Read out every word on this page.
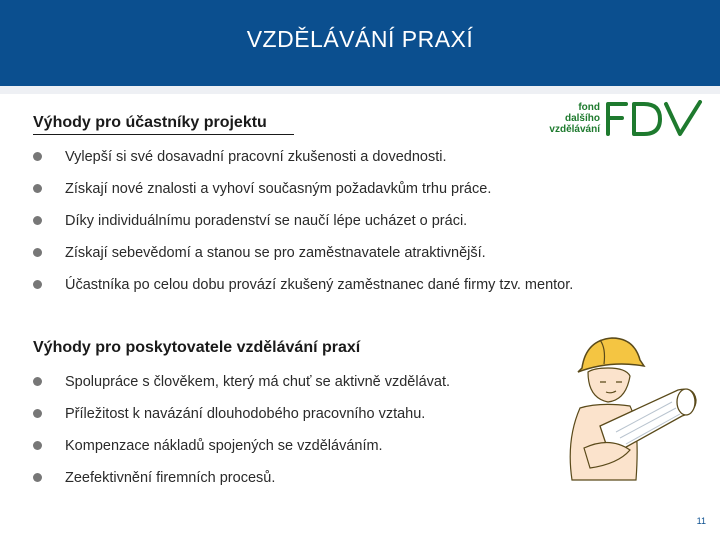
VZDĚLÁVÁNÍ PRAXÍ
fond
dalšího
vzdělávání
Výhody pro účastníky projektu
Vylepší si své dosavadní pracovní zkušenosti a dovednosti.
Získají nové znalosti a vyhoví současným požadavkům trhu práce.
Díky individuálnímu poradenství se naučí lépe ucházet o práci.
Získají sebevědomí a stanou se pro zaměstnavatele atraktivnější.
Účastníka po celou dobu provází zkušený zaměstnanec dané firmy tzv. mentor.
Výhody pro poskytovatele vzdělávání praxí
Spolupráce s člověkem, který má chuť se aktivně vzdělávat.
Příležitost k navázání dlouhodobého pracovního vztahu.
Kompenzace nákladů spojených se vzděláváním.
Zeefektivnění firemních procesů.
11
